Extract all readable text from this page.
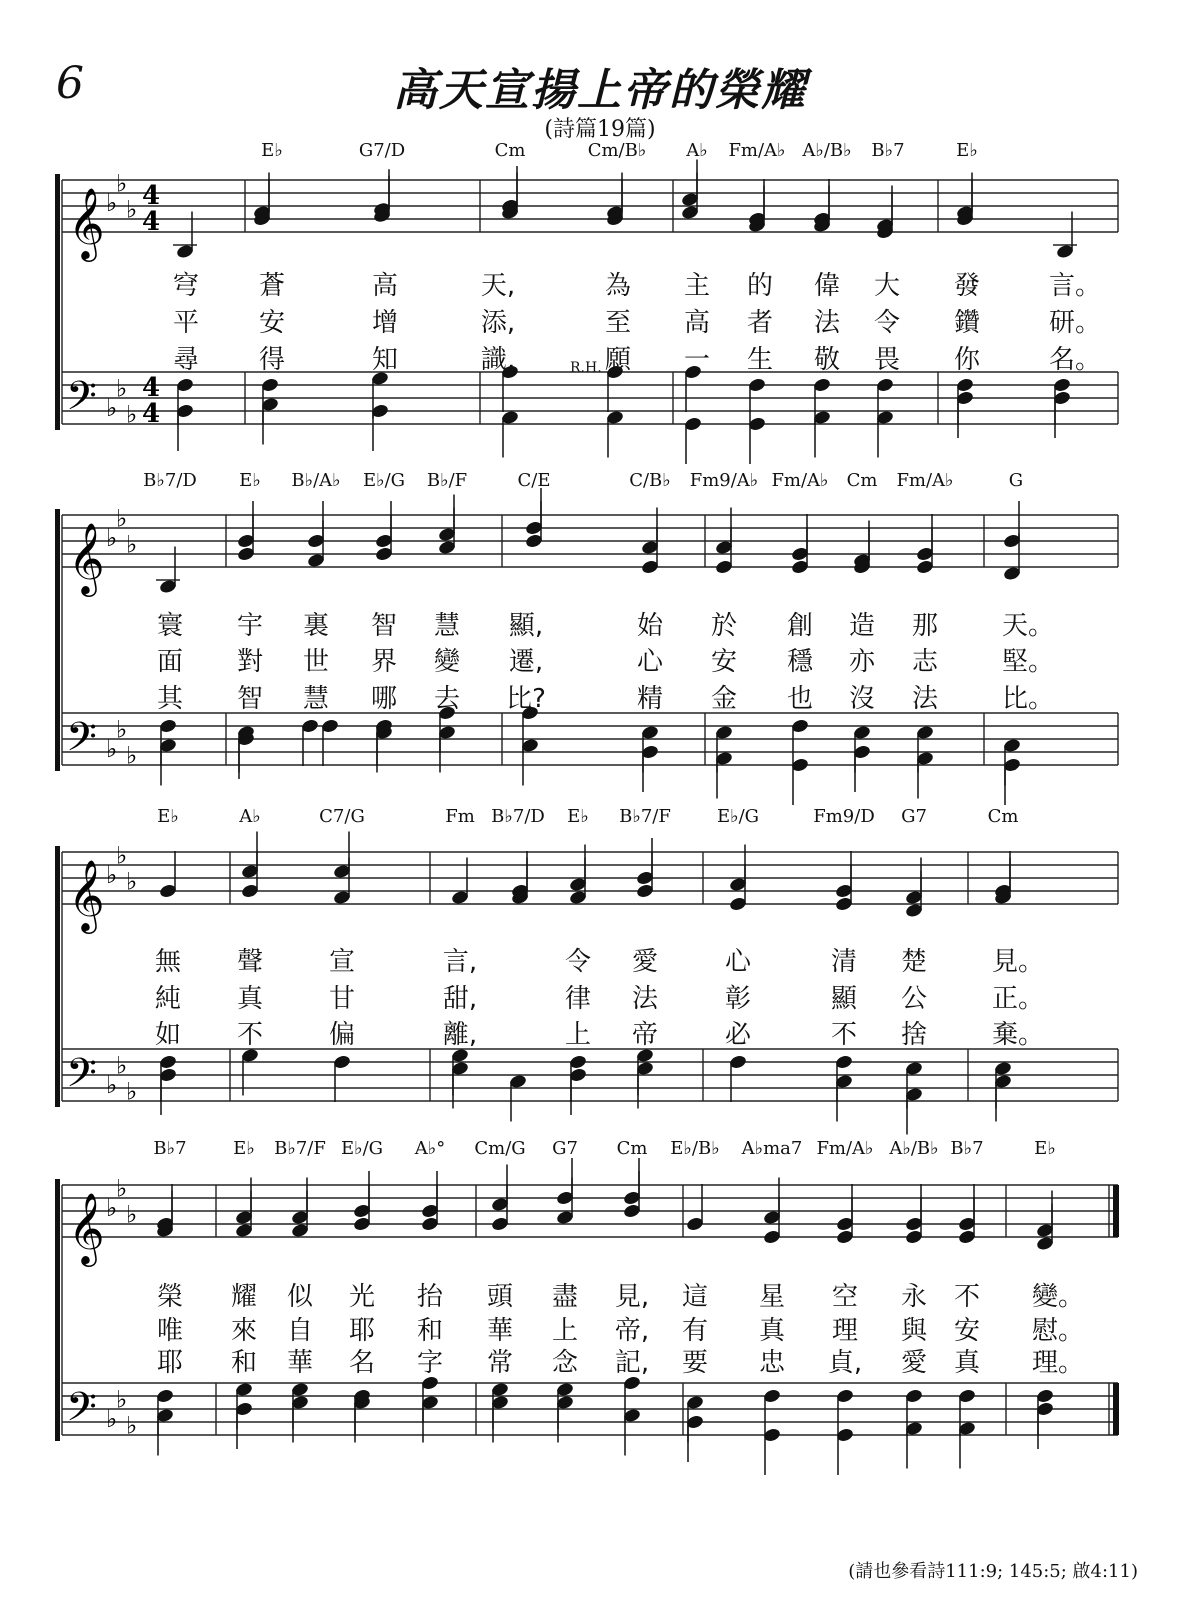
6	高天宣揚上帝的榮耀
(詩篇19篇)
E♭	G7/D	Cm	Cm/B♭ A♭ Fm/A♭ A♭/B♭ B♭7	E♭
R.H.
𝄞 ♭
♭
♭ 4
4
𝄢 ♭
♭
♭
4
4
穹 蒼	高	天,	為 主 的 偉 大 發	言。
平 安	增	添,	至 高 者 法 令 鑽	研。
尋 得	知	識,	願 一 生 敬 畏 你	名。
B♭7/D E♭ B♭/A♭ E♭/G B♭/F	C/E	C/B♭ Fm9/A♭ Fm/A♭ Cm Fm/A♭	G
𝄞 ♭
♭
♭
𝄢 ♭
♭
♭
寰 宇 裏 智 慧 顯,	始 於 創 造 那 天。
面 對 世 界 變 遷,	心 安 穩 亦 志 堅。
其 智 慧 哪 去 比?	精 金 也 沒 法 比。
E♭	A♭	C7/G	Fm B♭7/D E♭ B♭7/F	E♭/G	Fm9/D G7	Cm
𝄞 ♭
♭
♭
𝄢 ♭
♭
♭
無 聲	宣	言,	令 愛	心	清 楚 見。
純 真	甘	甜,	律 法	彰	顯 公 正。
如 不	偏	離,	上 帝	必	不 捨 棄。
B♭7	E♭ B♭7/F E♭/G A♭° Cm/G G7 Cm E♭/B♭ A♭ma7 Fm/A♭ A♭/B♭ B♭7	E♭
𝄞 ♭
♭
♭
𝄢 ♭
♭
♭
榮 耀 似 光 抬 頭 盡 見, 這 星 空 永 不 變。
唯 來 自 耶 和 華 上 帝, 有 真 理 與 安 慰。
耶 和 華 名 字 常 念 記, 要 忠 貞, 愛 真 理。
(請也參看詩111:9; 145:5; 啟4:11)
